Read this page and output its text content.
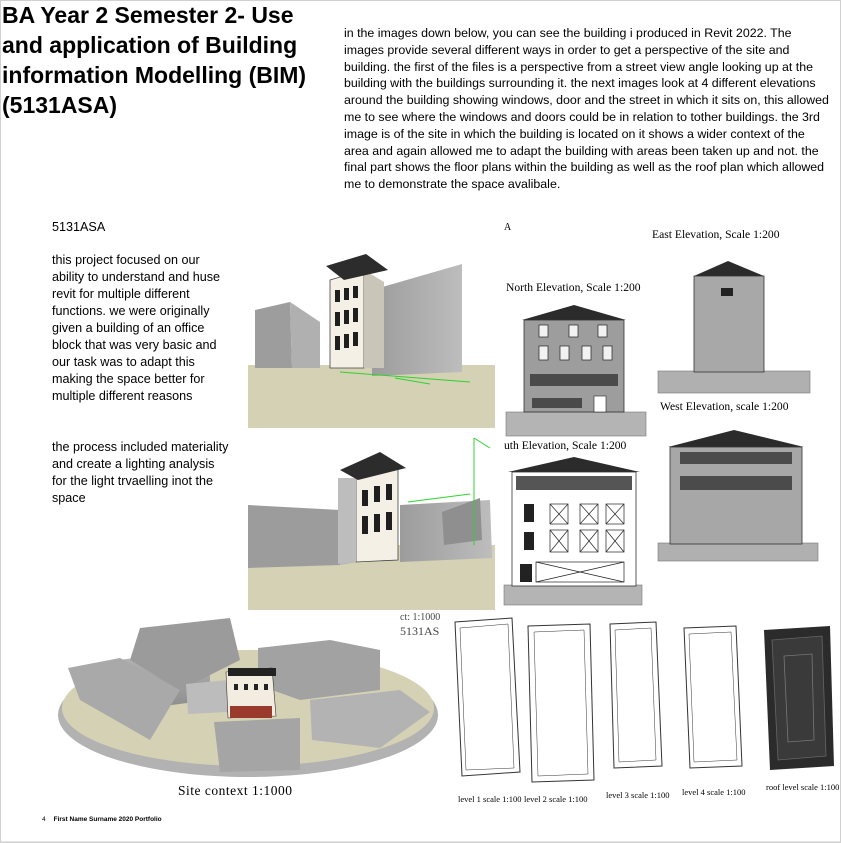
BA Year 2 Semester 2- Use and application of Building information Modelling (BIM) (5131ASA)

in the images down below, you can see the building i produced in Revit 2022. The images provide several different ways in order to get a perspective of the site and building. the first of the files is a perspective from a street view angle looking up at the building with the buildings surrounding it. the next images look at 4 different elevations around the building showing windows, door and the street in which it sits on, this allowed me to see where the windows and doors could be in relation to tother buildings. the 3rd image is of the site in which the building is located on it shows a wider context of the area and again allowed me to adapt the building with areas been taken up and not. the final part shows the floor plans within the building as well as the roof plan which allowed me to demonstrate the space avalibale.

5131ASA

this project focused on our ability to understand and huse revit for multiple different functions. we were originally given a building of an office block that was very basic and our task was to adapt this making the space better for multiple different reasons

the process included materiality and create a lighting analysis for the light trvaelling inot the space

A
North Elevation, Scale 1:200
East Elevation, Scale 1:200
West Elevation, scale 1:200
uth Elevation, Scale 1:200
ct: 1:1000
5131AS
Site context 1:1000
level 1 scale 1:100 level 2 scale 1:100 level 3 scale 1:100 level 4 scale 1:100 roof level scale 1:100
4 First Name Surname 2020 Portfolio
